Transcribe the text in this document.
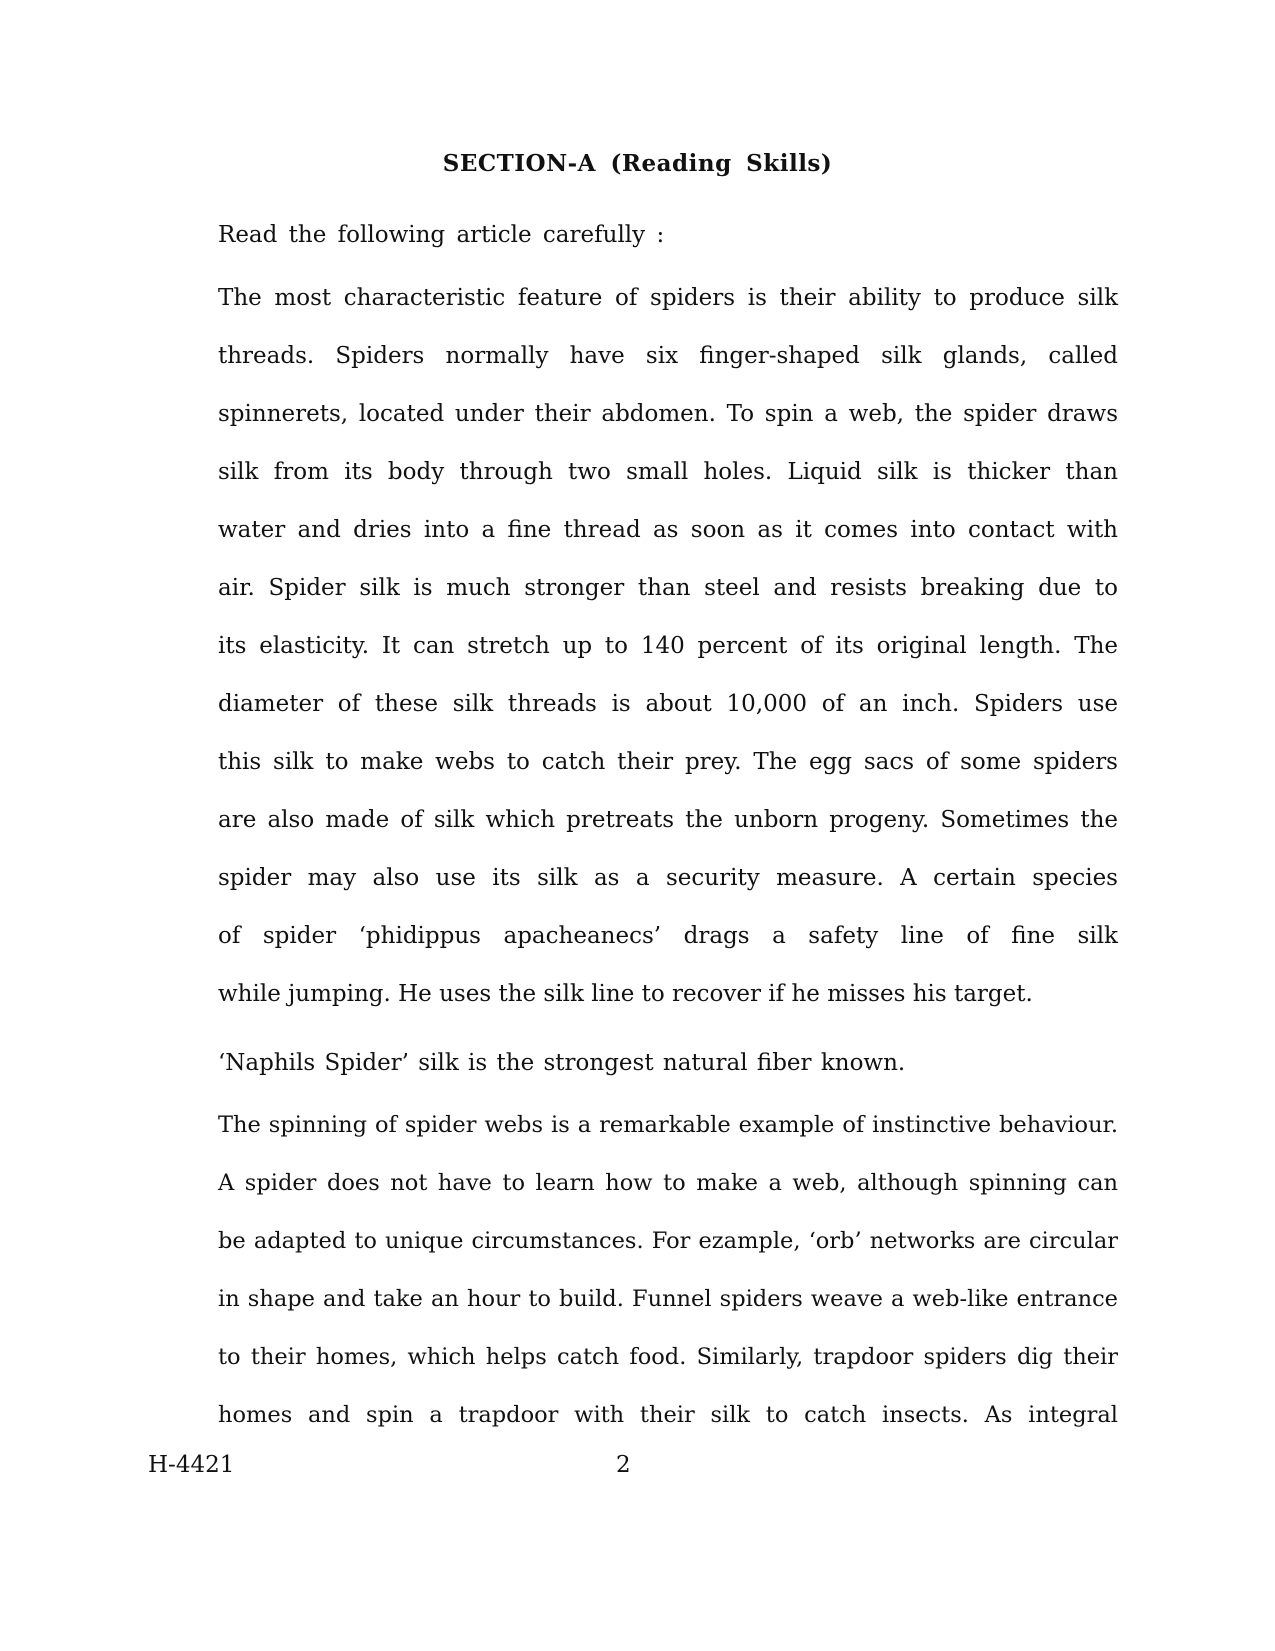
SECTION-A (Reading Skills)
Read the following article carefully :
The most characteristic feature of spiders is their ability to produce silk
threads. Spiders normally have six finger-shaped silk glands, called
spinnerets, located under their abdomen. To spin a web, the spider draws
silk from its body through two small holes. Liquid silk is thicker than
water and dries into a fine thread as soon as it comes into contact with
air. Spider silk is much stronger than steel and resists breaking due to
its elasticity. It can stretch up to 140 percent of its original length. The
diameter of these silk threads is about 10,000 of an inch. Spiders use
this silk to make webs to catch their prey. The egg sacs of some spiders
are also made of silk which pretreats the unborn progeny. Sometimes the
spider may also use its silk as a security measure. A certain species
of spider ‘phidippus apacheanecs’ drags a safety line of fine silk
while jumping. He uses the silk line to recover if he misses his target.
‘Naphils Spider’ silk is the strongest natural fiber known.
The spinning of spider webs is a remarkable example of instinctive behaviour.
A spider does not have to learn how to make a web, although spinning can
be adapted to unique circumstances. For ezample, ‘orb’ networks are circular
in shape and take an hour to build. Funnel spiders weave a web-like entrance
to their homes, which helps catch food. Similarly, trapdoor spiders dig their
homes and spin a trapdoor with their silk to catch insects. As integral
H-4421	2
